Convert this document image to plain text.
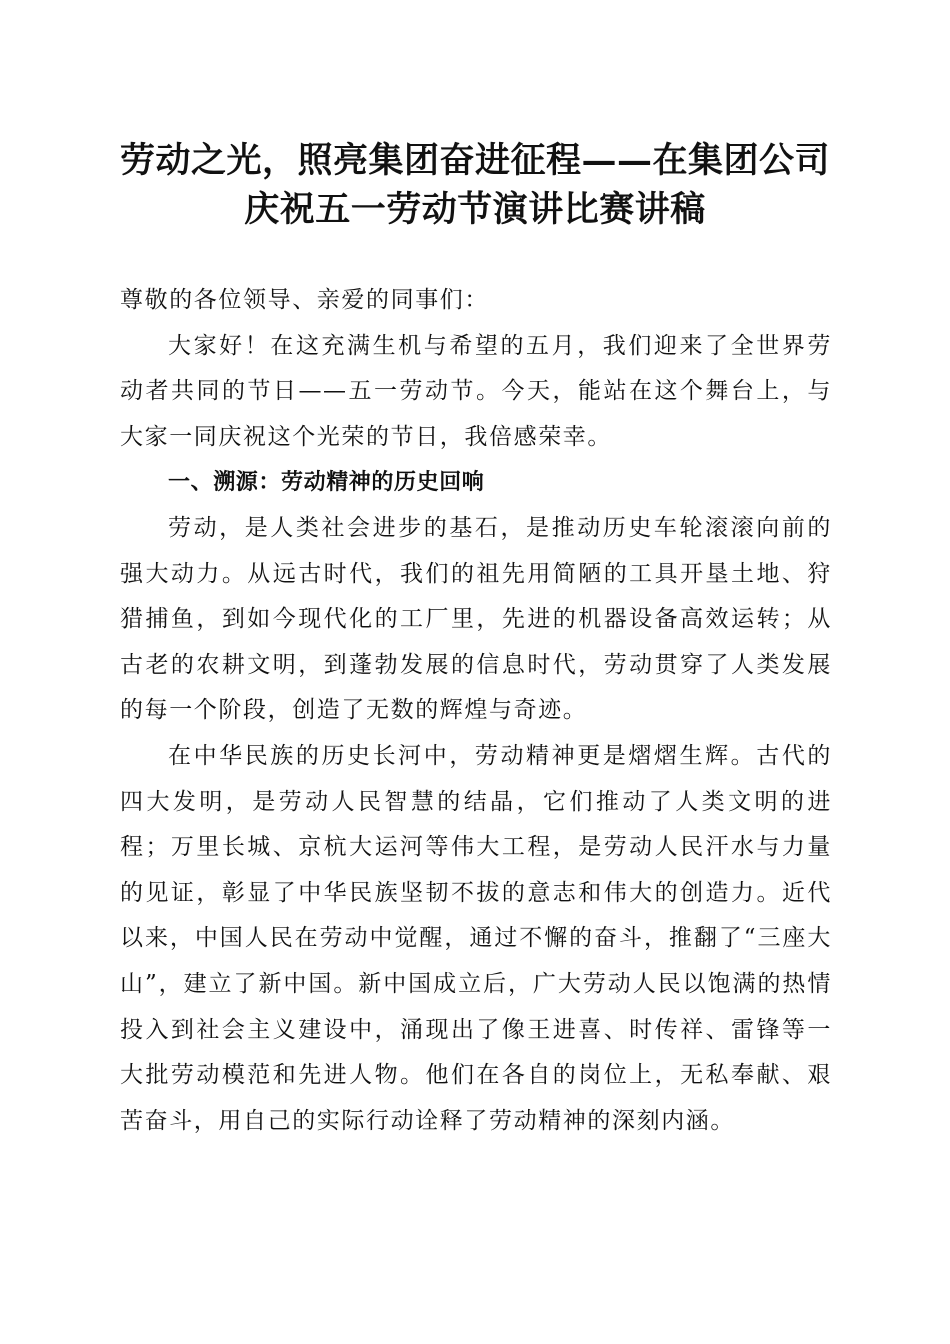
劳动之光，照亮集团奋进征程——在集团公司
庆祝五一劳动节演讲比赛讲稿

尊敬的各位领导、亲爱的同事们：

大家好！在这充满生机与希望的五月，我们迎来了全世界劳动者共同的节日——五一劳动节。今天，能站在这个舞台上，与大家一同庆祝这个光荣的节日，我倍感荣幸。

一、溯源：劳动精神的历史回响

劳动，是人类社会进步的基石，是推动历史车轮滚滚向前的强大动力。从远古时代，我们的祖先用简陋的工具开垦土地、狩猎捕鱼，到如今现代化的工厂里，先进的机器设备高效运转；从古老的农耕文明，到蓬勃发展的信息时代，劳动贯穿了人类发展的每一个阶段，创造了无数的辉煌与奇迹。

在中华民族的历史长河中，劳动精神更是熠熠生辉。古代的四大发明，是劳动人民智慧的结晶，它们推动了人类文明的进程；万里长城、京杭大运河等伟大工程，是劳动人民汗水与力量的见证，彰显了中华民族坚韧不拔的意志和伟大的创造力。近代以来，中国人民在劳动中觉醒，通过不懈的奋斗，推翻了“三座大山”，建立了新中国。新中国成立后，广大劳动人民以饱满的热情投入到社会主义建设中，涌现出了像王进喜、时传祥、雷锋等一大批劳动模范和先进人物。他们在各自的岗位上，无私奉献、艰苦奋斗，用自己的实际行动诠释了劳动精神的深刻内涵。
